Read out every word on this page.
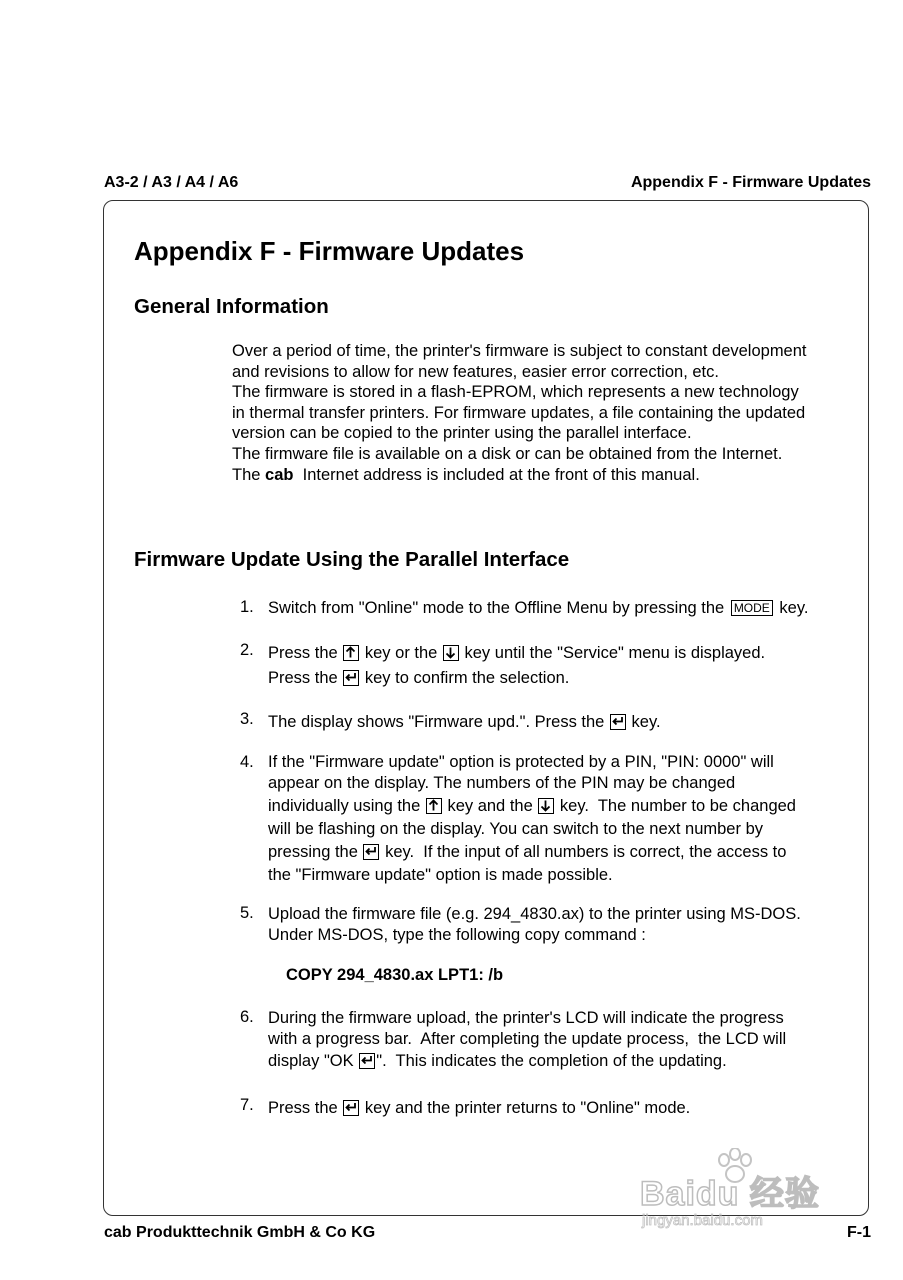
A3-2 / A3 / A4 / A6	Appendix F - Firmware Updates
Appendix F - Firmware Updates
General Information
Over a period of time, the printer's firmware is subject to constant development
and revisions to allow for new features, easier error correction, etc.
The firmware is stored in a flash-EPROM, which represents a new technology
in thermal transfer printers. For firmware updates, a file containing the updated
version can be copied to the printer using the parallel interface.
The firmware file is available on a disk or can be obtained from the Internet.
The cab  Internet address is included at the front of this manual.
Firmware Update Using the Parallel Interface
1. Switch from "Online" mode to the Offline Menu by pressing the MODE key.
2. Press the
key or the
key until the "Service" menu is displayed.
Press the
key to confirm the selection.
3. The display shows "Firmware upd.". Press the
key.
4. If the "Firmware update" option is protected by a PIN, "PIN: 0000" will
appear on the display. The numbers of the PIN may be changed
individually using the
key and the
key.  The number to be changed
will be flashing on the display. You can switch to the next number by
pressing the
key.  If the input of all numbers is correct, the access to
the "Firmware update" option is made possible.
5. Upload the firmware file (e.g. 294_4830.ax) to the printer using MS-DOS.
Under MS-DOS, type the following copy command :
COPY 294_4830.ax LPT1: /b
6. During the firmware upload, the printer's LCD will indicate the progress
with a progress bar.  After completing the update process,  the LCD will
display "OK
".  This indicates the completion of the updating.
7. Press the
key and the printer returns to "Online" mode.
Baidu 经验
jingyan.baidu.com
cab Produkttechnik GmbH & Co KG	F-1
